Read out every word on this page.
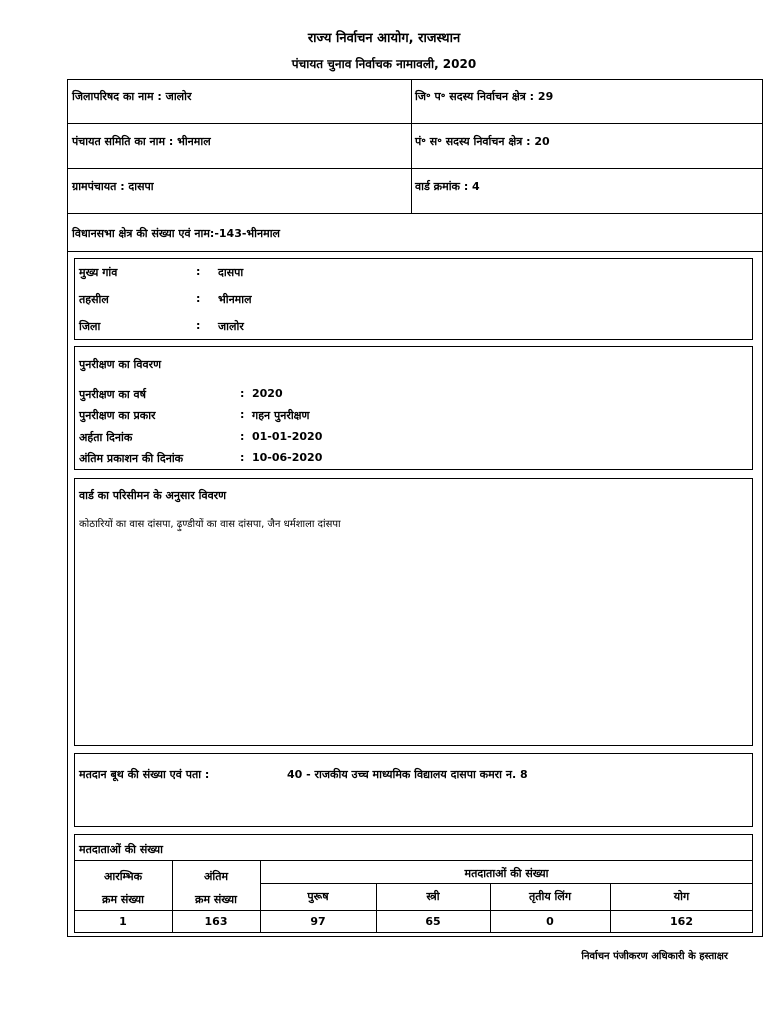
राज्य निर्वाचन आयोग, राजस्थान
पंचायत चुनाव निर्वाचक नामावली, 2020
जिलापरिषद का नाम : जालोर	जि॰ प॰ सदस्य निर्वाचन क्षेत्र : 29
पंचायत समिति का नाम : भीनमाल	पं॰ स॰ सदस्य निर्वाचन क्षेत्र : 20
ग्रामपंचायत : दासपा	वार्ड क्रमांक : 4
विधानसभा क्षेत्र की संख्या एवं नाम:-143-भीनमाल
मुख्य गांव	: दासपा
तहसील	: भीनमाल
जिला	: जालोर
पुनरीक्षण का विवरण
पुनरीक्षण का वर्ष	: 2020
पुनरीक्षण का प्रकार	: गहन पुनरीक्षण
अर्हता दिनांक	: 01-01-2020
अंतिम प्रकाशन की दिनांक	: 10-06-2020
वार्ड का परिसीमन के अनुसार विवरण
कोठारियों का वास दांसपा, ढ़ुण्डीयों का वास दांसपा, जैन धर्मशाला दांसपा
मतदान बूथ की संख्या एवं पता :	40 - राजकीय उच्च माध्यमिक विद्यालय दासपा कमरा न. 8
मतदाताओं की संख्या
आरम्भिक
क्रम संख्या
अंतिम
क्रम संख्या
मतदाताओं की संख्या
पुरूष	स्त्री	तृतीय लिंग	योग
1	163	97	65	0	162
निर्वाचन पंजीकरण अधिकारी के हस्ताक्षर
